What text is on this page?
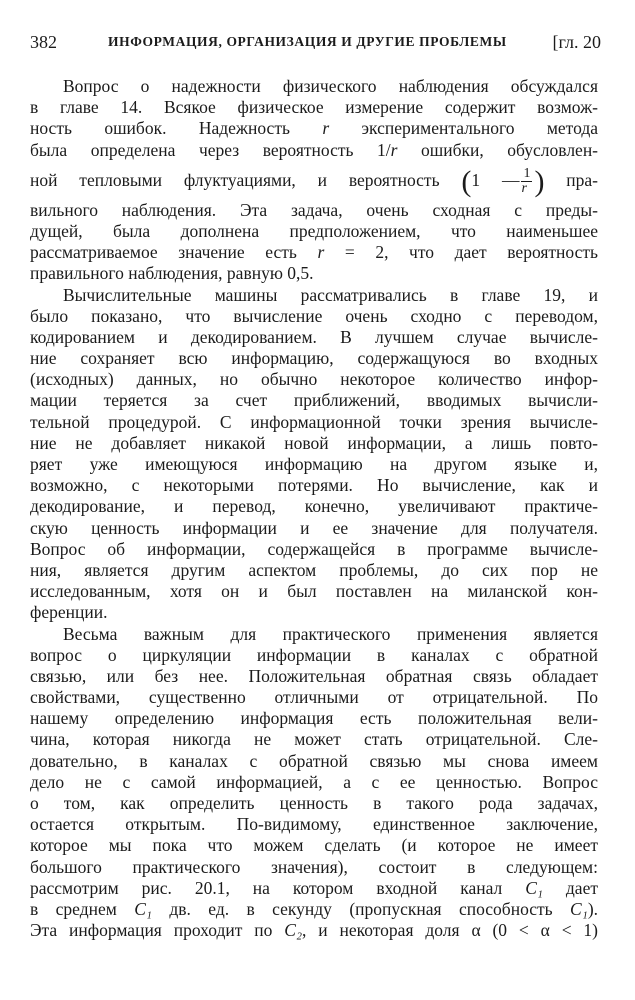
382	ИНФОРМАЦИЯ, ОРГАНИЗАЦИЯ И ДРУГИЕ ПРОБЛЕМЫ	[гл. 20
Вопрос о надежности физического наблюдения обсуждался
в главе 14. Всякое физическое измерение содержит возмож-
ность ошибок. Надежность r экспериментального метода
была определена через вероятность 1/r ошибки, обусловлен-
ной тепловыми флуктуациями, и вероятность (1 — $\frac{1}{r}$ ) пра-
вильного наблюдения. Эта задача, очень сходная с преды-
дущей, была дополнена предположением, что наименьшее
рассматриваемое значение есть r = 2, что дает вероятность
правильного наблюдения, равную 0,5.
Вычислительные машины рассматривались в главе 19, и
было показано, что вычисление очень сходно с переводом,
кодированием и декодированием. В лучшем случае вычисле-
ние сохраняет всю информацию, содержащуюся во входных
(исходных) данных, но обычно некоторое количество инфор-
мации теряется за счет приближений, вводимых вычисли-
тельной процедурой. С информационной точки зрения вычисле-
ние не добавляет никакой новой информации, а лишь повто-
ряет уже имеющуюся информацию на другом языке и,
возможно, с некоторыми потерями. Но вычисление, как и
декодирование, и перевод, конечно, увеличивают практиче-
скую ценность информации и ее значение для получателя.
Вопрос об информации, содержащейся в программе вычисле-
ния, является другим аспектом проблемы, до сих пор не
исследованным, хотя он и был поставлен на миланской кон-
ференции.
Весьма важным для практического применения является
вопрос о циркуляции информации в каналах с обратной
связью, или без нее. Положительная обратная связь обладает
свойствами, существенно отличными от отрицательной. По
нашему определению информация есть положительная вели-
чина, которая никогда не может стать отрицательной. Сле-
довательно, в каналах с обратной связью мы снова имеем
дело не с самой информацией, а с ее ценностью. Вопрос
о том, как определить ценность в такого рода задачах,
остается открытым. По-видимому, единственное заключение,
которое мы пока что можем сделать (и которое не имеет
большого практического значения), состоит в следующем:
рассмотрим рис. 20.1, на котором входной канал C₁ дает
в среднем C₁ дв. ед. в секунду (пропускная способность C₁).
Эта информация проходит по C₂, и некоторая доля α (0 < α < 1)
